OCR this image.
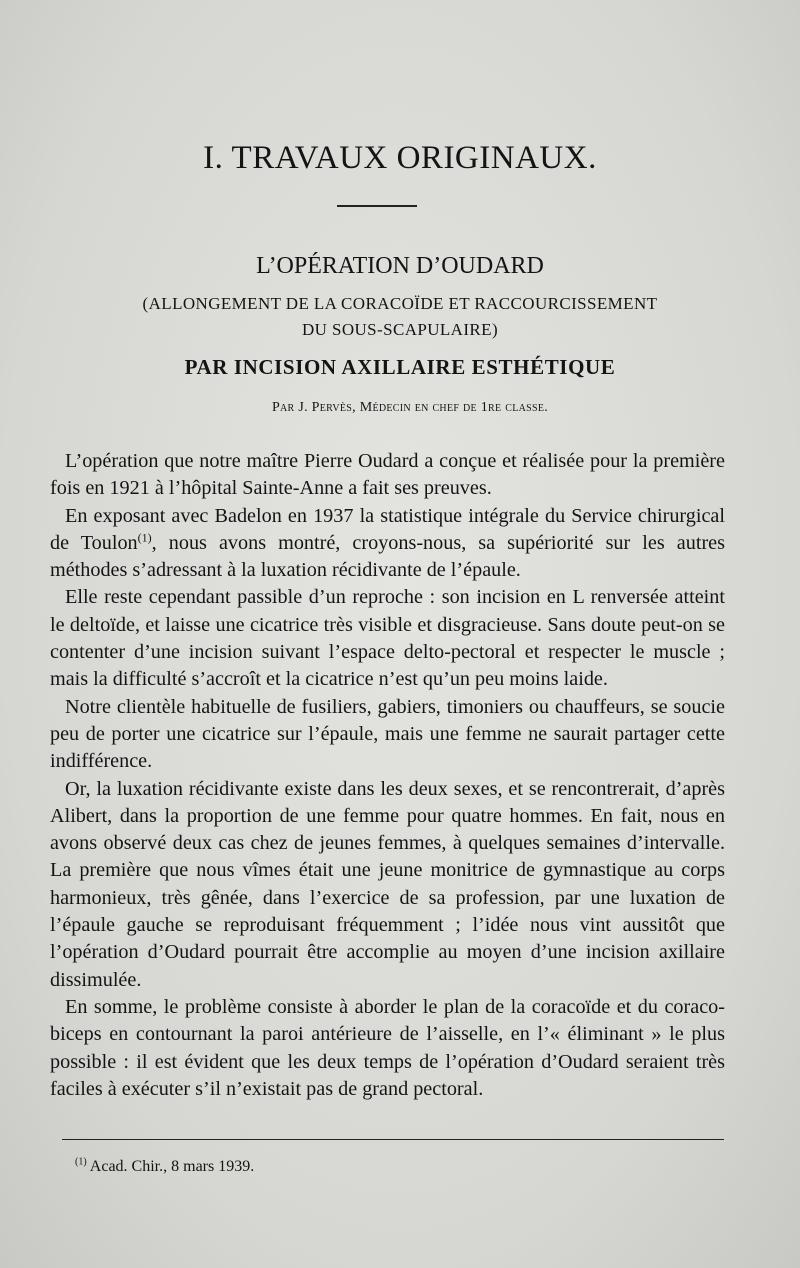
I. TRAVAUX ORIGINAUX.
L’OPÉRATION D’OUDARD
(ALLONGEMENT DE LA CORACOÏDE ET RACCOURCISSEMENT
DU SOUS-SCAPULAIRE)
PAR INCISION AXILLAIRE ESTHÉTIQUE
Par J. Pervès, Médecin en chef de 1re classe.

L’opération que notre maître Pierre Oudard a conçue et réalisée pour la première fois en 1921 à l’hôpital Sainte-Anne a fait ses preuves.

En exposant avec Badelon en 1937 la statistique intégrale du Service chirurgical de Toulon$^{(1)}$, nous avons montré, croyons-nous, sa supériorité sur les autres méthodes s’adressant à la luxation récidivante de l’épaule.

Elle reste cependant passible d’un reproche : son incision en L renversée atteint le deltoïde, et laisse une cicatrice très visible et disgracieuse. Sans doute peut-on se contenter d’une incision suivant l’espace delto-pectoral et respecter le muscle ; mais la difficulté s’accroît et la cicatrice n’est qu’un peu moins laide.

Notre clientèle habituelle de fusiliers, gabiers, timoniers ou chauffeurs, se soucie peu de porter une cicatrice sur l’épaule, mais une femme ne saurait partager cette indifférence.

Or, la luxation récidivante existe dans les deux sexes, et se rencontrerait, d’après Alibert, dans la proportion de une femme pour quatre hommes. En fait, nous en avons observé deux cas chez de jeunes femmes, à quelques semaines d’intervalle. La première que nous vîmes était une jeune monitrice de gymnastique au corps harmonieux, très gênée, dans l’exercice de sa profession, par une luxation de l’épaule gauche se reproduisant fréquemment ; l’idée nous vint aussitôt que l’opération d’Oudard pourrait être accomplie au moyen d’une incision axillaire dissimulée.

En somme, le problème consiste à aborder le plan de la coracoïde et du coraco-biceps en contournant la paroi antérieure de l’aisselle, en l’« éliminant » le plus possible : il est évident que les deux temps de l’opération d’Oudard seraient très faciles à exécuter s’il n’existait pas de grand pectoral.

$^{(1)}$ Acad. Chir., 8 mars 1939.
